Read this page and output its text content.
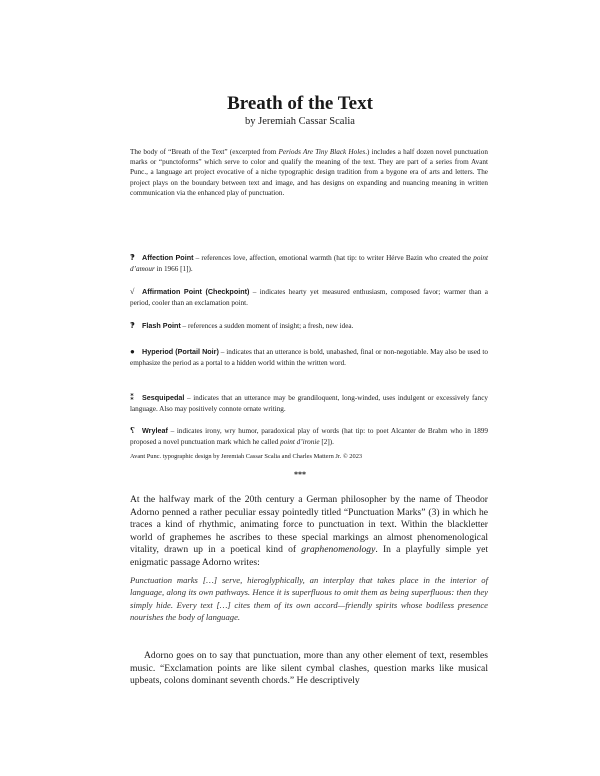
Breath of the Text
by Jeremiah Cassar Scalia

The body of “Breath of the Text” (excerpted from Periods Are Tiny Black Holes.) includes a half dozen novel punctuation marks or “punctoforms” which serve to color and qualify the meaning of the text. They are part of a series from Avant Punc., a language art project evocative of a niche typographic design tradition from a bygone era of arts and letters. The project plays on the boundary between text and image, and has designs on expanding and nuancing meaning in written communication via the enhanced play of punctuation.

‽ Affection Point – references love, affection, emotional warmth (hat tip: to writer Hérve Bazin who created the point d’amour in 1966 [1]).

√ Affirmation Point (Checkpoint) – indicates hearty yet measured enthusiasm, composed favor; warmer than a period, cooler than an exclamation point.

‽ Flash Point – references a sudden moment of insight; a fresh, new idea.

● Hyperiod (Portail Noir) – indicates that an utterance is bold, unabashed, final or non-negotiable. May also be used to emphasize the period as a portal to a hidden world within the written word.

⁑ Sesquipedal – indicates that an utterance may be grandiloquent, long-winded, uses indulgent or excessively fancy language. Also may positively connote ornate writing.

⸮ Wryleaf – indicates irony, wry humor, paradoxical play of words (hat tip: to poet Alcanter de Brahm who in 1899 proposed a novel punctuation mark which he called point d’ironie [2]).

Avant Punc. typographic design by Jeremiah Cassar Scalia and Charles Mattern Jr. © 2023

***

At the halfway mark of the 20th century a German philosopher by the name of Theodor Adorno penned a rather peculiar essay pointedly titled “Punctuation Marks” (3) in which he traces a kind of rhythmic, animating force to punctuation in text. Within the blackletter world of graphemes he ascribes to these special markings an almost phenomenological vitality, drawn up in a poetical kind of graphenomenology. In a playfully simple yet enigmatic passage Adorno writes:

Punctuation marks […] serve, hieroglyphically, an interplay that takes place in the interior of language, along its own pathways. Hence it is superfluous to omit them as being superfluous: then they simply hide. Every text […] cites them of its own accord—friendly spirits whose bodiless presence nourishes the body of language.

Adorno goes on to say that punctuation, more than any other element of text, resembles music. “Exclamation points are like silent cymbal clashes, question marks like musical upbeats, colons dominant seventh chords.” He descriptively
